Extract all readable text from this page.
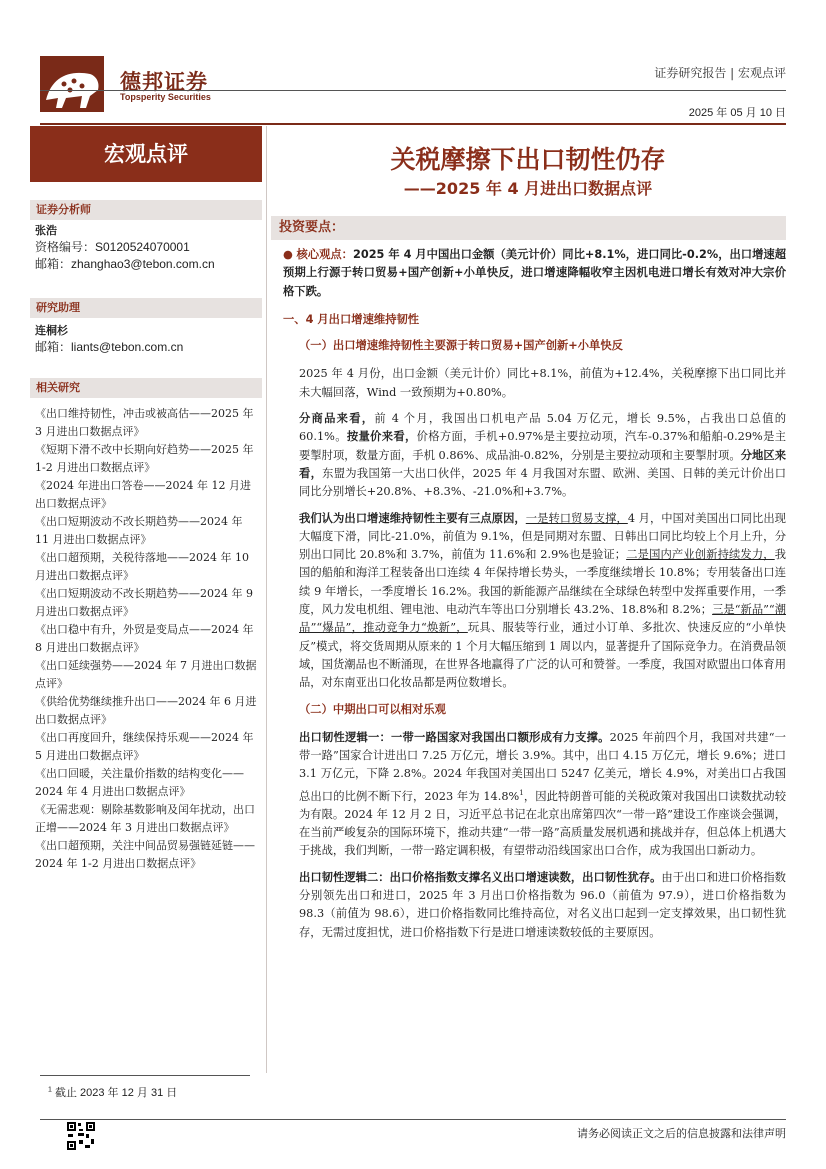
德邦证券
Topsperity Securities
证券研究报告 | 宏观点评
2025 年 05 月 10 日
宏观点评	关税摩擦下出口韧性仍存
——2025 年 4 月进出口数据点评
证券分析师
张浩
资格编号：S0120524070001
邮箱：zhanghao3@tebon.com.cn
研究助理
连桐杉
邮箱：liants@tebon.com.cn
相关研究
《出口维持韧性，冲击或被高估——2025 年 3 月进出口数据点评》
《短期下滑不改中长期向好趋势——2025 年 1-2 月进出口数据点评》
《2024 年进出口答卷——2024 年 12 月进出口数据点评》
《出口短期波动不改长期趋势——2024 年 11 月进出口数据点评》
《出口超预期，关税待落地——2024 年 10 月进出口数据点评》
《出口短期波动不改长期趋势——2024 年 9 月进出口数据点评》
《出口稳中有升，外贸是变局点——2024 年 8 月进出口数据点评》
《出口延续强势——2024 年 7 月进出口数据点评》
《供给优势继续推升出口——2024 年 6 月进出口数据点评》
《出口再度回升，继续保持乐观——2024 年 5 月进出口数据点评》
《出口回暖，关注量价指数的结构变化——2024 年 4 月进出口数据点评》
《无需悲观：剔除基数影响及闰年扰动，出口正增——2024 年 3 月进出口数据点评》
《出口超预期，关注中间品贸易强链延链——2024 年 1-2 月进出口数据点评》
投资要点：

● 核心观点：2025 年 4 月中国出口金额（美元计价）同比+8.1%，进口同比-0.2%，出口增速超预期上行源于转口贸易+国产创新+小单快反，进口增速降幅收窄主因机电进口增长有效对冲大宗价格下跌。

一、4 月出口增速维持韧性
（一）出口增速维持韧性主要源于转口贸易+国产创新+小单快反

2025 年 4 月份，出口金额（美元计价）同比+8.1%，前值为+12.4%，关税摩擦下出口同比并未大幅回落，Wind 一致预期为+0.80%。

分商品来看，前 4 个月，我国出口机电产品 5.04 万亿元，增长 9.5%，占我出口总值的 60.1%。按量价来看，价格方面，手机+0.97%是主要拉动项，汽车-0.37%和船舶-0.29%是主要掣肘项，数量方面，手机 0.86%、成品油-0.82%，分别是主要拉动项和主要掣肘项。分地区来看，东盟为我国第一大出口伙伴，2025 年 4 月我国对东盟、欧洲、美国、日韩的美元计价出口同比分别增长+20.8%、+8.3%、-21.0%和+3.7%。

我们认为出口增速维持韧性主要有三点原因，一是转口贸易支撑，4 月，中国对美国出口同比出现大幅度下滑，同比-21.0%，前值为 9.1%，但是同期对东盟、日韩出口同比均较上个月上升，分别出口同比 20.8%和 3.7%，前值为 11.6%和 2.9%也是验证；二是国内产业创新持续发力，我国的船舶和海洋工程装备出口连续 4 年保持增长势头，一季度继续增长 10.8%；专用装备出口连续 9 年增长，一季度增长 16.2%。我国的新能源产品继续在全球绿色转型中发挥重要作用，一季度，风力发电机组、锂电池、电动汽车等出口分别增长 43.2%、18.8%和 8.2%；三是“新品”“潮品”“爆品”，推动竞争力“焕新”，玩具、服装等行业，通过小订单、多批次、快速反应的“小单快反”模式，将交货周期从原来的 1 个月大幅压缩到 1 周以内，显著提升了国际竞争力。在消费品领域，国货潮品也不断涌现，在世界各地赢得了广泛的认可和赞誉。一季度，我国对欧盟出口体育用品，对东南亚出口化妆品都是两位数增长。

（二）中期出口可以相对乐观

出口韧性逻辑一：一带一路国家对我国出口额形成有力支撑。2025 年前四个月，我国对共建“一带一路”国家合计进出口 7.25 万亿元，增长 3.9%。其中，出口 4.15 万亿元，增长 9.6%；进口 3.1 万亿元，下降 2.8%。2024 年我国对美国出口 5247 亿美元，增长 4.9%，对美出口占我国总出口的比例不断下行，2023 年为 14.8%$^1$，因此特朗普可能的关税政策对我国出口读数扰动较为有限。2024 年 12 月 2 日，习近平总书记在北京出席第四次“一带一路”建设工作座谈会强调，在当前严峻复杂的国际环境下，推动共建“一带一路”高质量发展机遇和挑战并存，但总体上机遇大于挑战，我们判断，一带一路定调积极，有望带动沿线国家出口合作，成为我国出口新动力。

出口韧性逻辑二：出口价格指数支撑名义出口增速读数，出口韧性犹存。由于出口和进口价格指数分别领先出口和进口，2025 年 3 月出口价格指数为 96.0（前值为 97.9），进口价格指数为 98.3（前值为 98.6），进口价格指数同比维持高位，对名义出口起到一定支撑效果，出口韧性犹存，无需过度担忧，进口价格指数下行是进口增速读数较低的主要原因。

$^1$ 截止 2023 年 12 月 31 日
请务必阅读正文之后的信息披露和法律声明
